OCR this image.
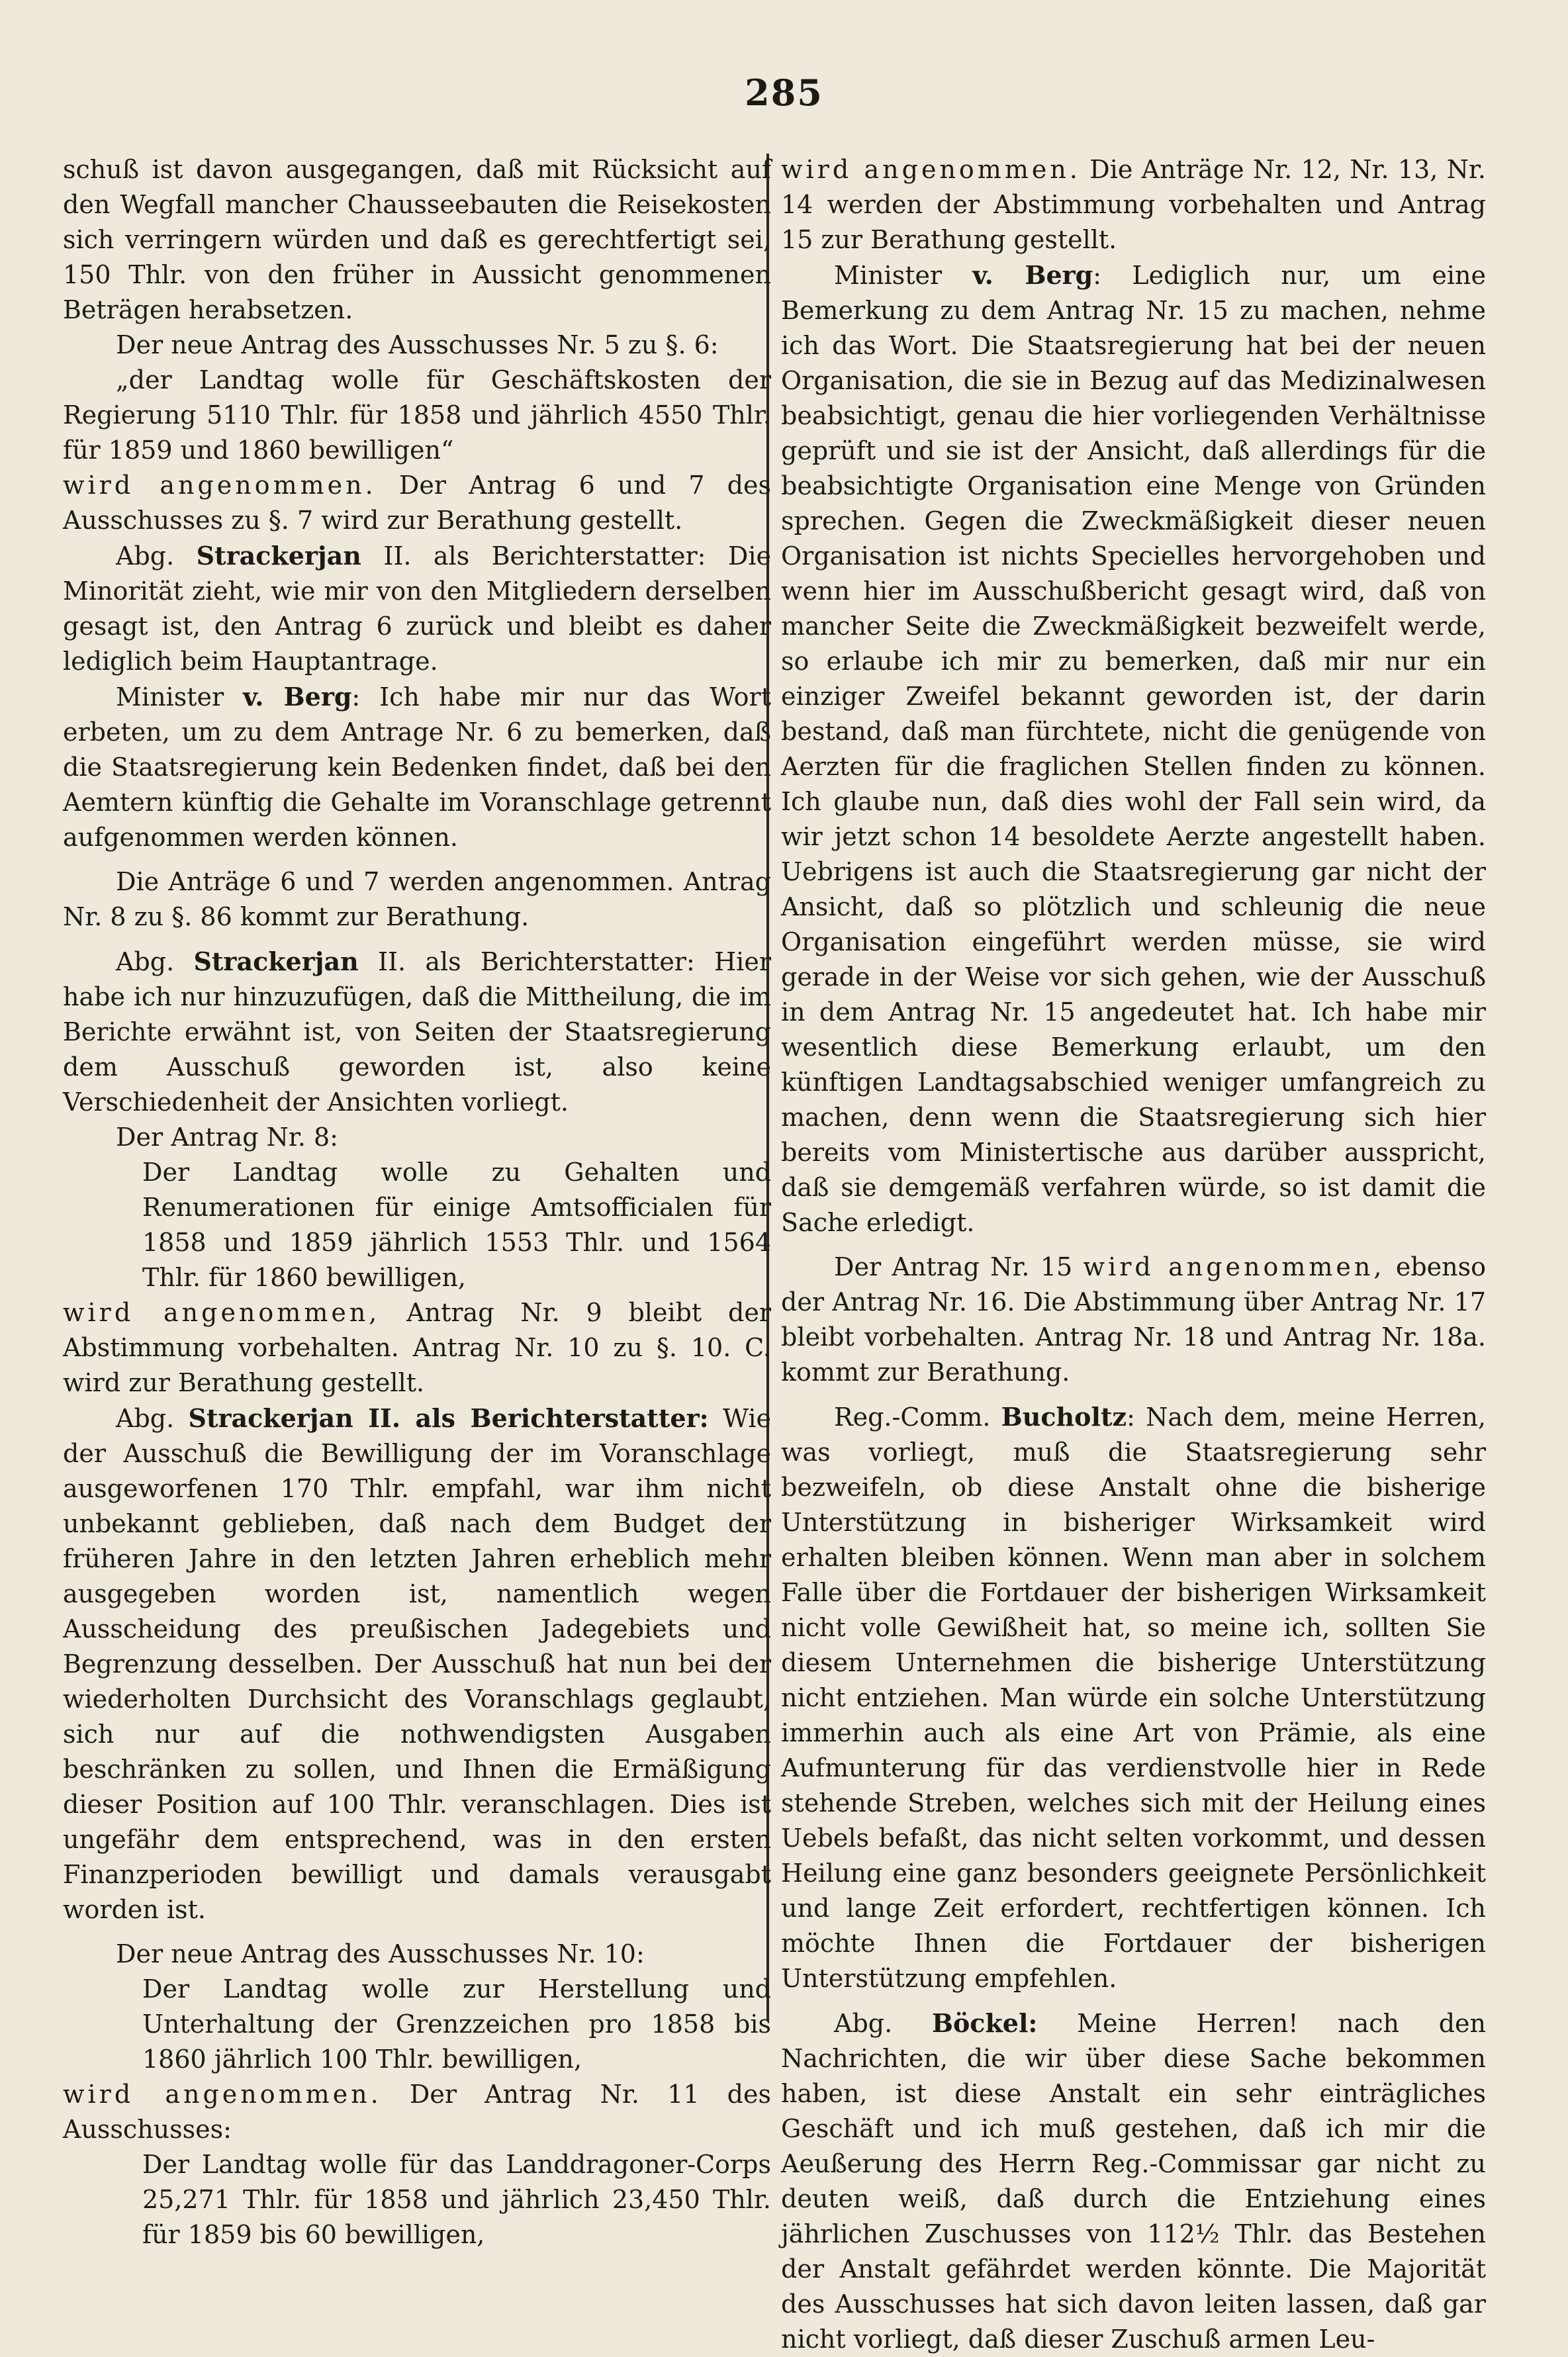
285

schuß ist davon ausgegangen, daß mit Rücksicht auf den Wegfall mancher Chausseebauten die Reisekosten sich verringern würden und daß es gerechtfertigt sei, 150 Thlr. von den früher in Aussicht genommenen Beträgen herabsetzen.

Der neue Antrag des Ausschusses Nr. 5 zu §. 6:

„der Landtag wolle für Geschäftskosten der Regierung 5110 Thlr. für 1858 und jährlich 4550 Thlr. für 1859 und 1860 bewilligen“

wird angenommen. Der Antrag 6 und 7 des Ausschusses zu §. 7 wird zur Berathung gestellt.

Abg. Strackerjan II. als Berichterstatter: Die Minorität zieht, wie mir von den Mitgliedern derselben gesagt ist, den Antrag 6 zurück und bleibt es daher lediglich beim Hauptantrage.

Minister v. Berg: Ich habe mir nur das Wort erbeten, um zu dem Antrage Nr. 6 zu bemerken, daß die Staatsregierung kein Bedenken findet, daß bei den Aemtern künftig die Gehalte im Voranschlage getrennt aufgenommen werden können.

Die Anträge 6 und 7 werden angenommen. Antrag Nr. 8 zu §. 86 kommt zur Berathung.

Abg. Strackerjan II. als Berichterstatter: Hier habe ich nur hinzuzufügen, daß die Mittheilung, die im Berichte erwähnt ist, von Seiten der Staatsregierung dem Ausschuß geworden ist, also keine Verschiedenheit der Ansichten vorliegt.

Der Antrag Nr. 8:

Der Landtag wolle zu Gehalten und Renumerationen für einige Amtsofficialen für 1858 und 1859 jährlich 1553 Thlr. und 1564 Thlr. für 1860 bewilligen,

wird angenommen, Antrag Nr. 9 bleibt der Abstimmung vorbehalten. Antrag Nr. 10 zu §. 10. C. wird zur Berathung gestellt.

Abg. Strackerjan II. als Berichterstatter: Wie der Ausschuß die Bewilligung der im Voranschlage ausgeworfenen 170 Thlr. empfahl, war ihm nicht unbekannt geblieben, daß nach dem Budget der früheren Jahre in den letzten Jahren erheblich mehr ausgegeben worden ist, namentlich wegen Ausscheidung des preußischen Jadegebiets und Begrenzung desselben. Der Ausschuß hat nun bei der wiederholten Durchsicht des Voranschlags geglaubt, sich nur auf die nothwendigsten Ausgaben beschränken zu sollen, und Ihnen die Ermäßigung dieser Position auf 100 Thlr. veranschlagen. Dies ist ungefähr dem entsprechend, was in den ersten Finanzperioden bewilligt und damals verausgabt worden ist.

Der neue Antrag des Ausschusses Nr. 10:

Der Landtag wolle zur Herstellung und Unterhaltung der Grenzzeichen pro 1858 bis 1860 jährlich 100 Thlr. bewilligen,

wird angenommen. Der Antrag Nr. 11 des Ausschusses:

Der Landtag wolle für das Landdragoner-Corps 25,271 Thlr. für 1858 und jährlich 23,450 Thlr. für 1859 bis 60 bewilligen,

wird angenommen. Die Anträge Nr. 12, Nr. 13, Nr. 14 werden der Abstimmung vorbehalten und Antrag 15 zur Berathung gestellt.

Minister v. Berg: Lediglich nur, um eine Bemerkung zu dem Antrag Nr. 15 zu machen, nehme ich das Wort. Die Staatsregierung hat bei der neuen Organisation, die sie in Bezug auf das Medizinalwesen beabsichtigt, genau die hier vorliegenden Verhältnisse geprüft und sie ist der Ansicht, daß allerdings für die beabsichtigte Organisation eine Menge von Gründen sprechen. Gegen die Zweckmäßigkeit dieser neuen Organisation ist nichts Specielles hervorgehoben und wenn hier im Ausschußbericht gesagt wird, daß von mancher Seite die Zweckmäßigkeit bezweifelt werde, so erlaube ich mir zu bemerken, daß mir nur ein einziger Zweifel bekannt geworden ist, der darin bestand, daß man fürchtete, nicht die genügende von Aerzten für die fraglichen Stellen finden zu können. Ich glaube nun, daß dies wohl der Fall sein wird, da wir jetzt schon 14 besoldete Aerzte angestellt haben. Uebrigens ist auch die Staatsregierung gar nicht der Ansicht, daß so plötzlich und schleunig die neue Organisation eingeführt werden müsse, sie wird gerade in der Weise vor sich gehen, wie der Ausschuß in dem Antrag Nr. 15 angedeutet hat. Ich habe mir wesentlich diese Bemerkung erlaubt, um den künftigen Landtagsabschied weniger umfangreich zu machen, denn wenn die Staatsregierung sich hier bereits vom Ministertische aus darüber ausspricht, daß sie demgemäß verfahren würde, so ist damit die Sache erledigt.

Der Antrag Nr. 15 wird angenommen, ebenso der Antrag Nr. 16. Die Abstimmung über Antrag Nr. 17 bleibt vorbehalten. Antrag Nr. 18 und Antrag Nr. 18a. kommt zur Berathung.

Reg.-Comm. Bucholtz: Nach dem, meine Herren, was vorliegt, muß die Staatsregierung sehr bezweifeln, ob diese Anstalt ohne die bisherige Unterstützung in bisheriger Wirksamkeit wird erhalten bleiben können. Wenn man aber in solchem Falle über die Fortdauer der bisherigen Wirksamkeit nicht volle Gewißheit hat, so meine ich, sollten Sie diesem Unternehmen die bisherige Unterstützung nicht entziehen. Man würde ein solche Unterstützung immerhin auch als eine Art von Prämie, als eine Aufmunterung für das verdienstvolle hier in Rede stehende Streben, welches sich mit der Heilung eines Uebels befaßt, das nicht selten vorkommt, und dessen Heilung eine ganz besonders geeignete Persönlichkeit und lange Zeit erfordert, rechtfertigen können. Ich möchte Ihnen die Fortdauer der bisherigen Unterstützung empfehlen.

Abg. Böckel: Meine Herren! nach den Nachrichten, die wir über diese Sache bekommen haben, ist diese Anstalt ein sehr einträgliches Geschäft und ich muß gestehen, daß ich mir die Aeußerung des Herrn Reg.-Commissar gar nicht zu deuten weiß, daß durch die Entziehung eines jährlichen Zuschusses von 112½ Thlr. das Bestehen der Anstalt gefährdet werden könnte. Die Majorität des Ausschusses hat sich davon leiten lassen, daß gar nicht vorliegt, daß dieser Zuschuß armen Leu-
